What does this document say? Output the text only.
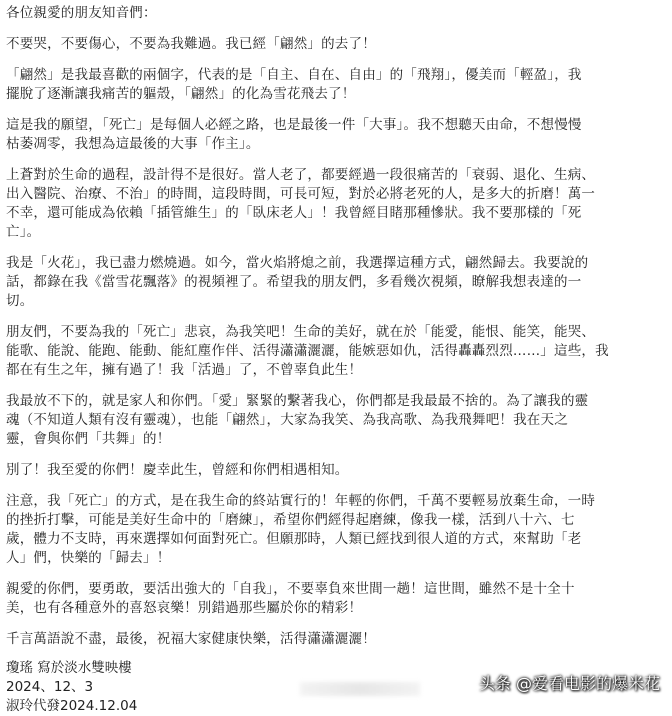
各位親愛的朋友知音們：
不要哭，不要傷心，不要為我難過。我已經「翩然」的去了！
「翩然」是我最喜歡的兩個字，代表的是「自主、自在、自由」的「飛翔」，優美而「輕盈」，我
擺脫了逐漸讓我痛苦的軀殼，「翩然」的化為雪花飛去了！
這是我的願望，「死亡」是每個人必經之路，也是最後一件「大事」。我不想聽天由命，不想慢慢
枯萎凋零，我想為這最後的大事「作主」。
上蒼對於生命的過程，設計得不是很好。當人老了，都要經過一段很痛苦的「衰弱、退化、生病、
出入醫院、治療、不治」的時間，這段時間，可長可短，對於必將老死的人，是多大的折磨！萬一
不幸，還可能成為依賴「插管維生」的「臥床老人」！我曾經目睹那種慘狀。我不要那樣的「死
亡」。
我是「火花」，我已盡力燃燒過。如今，當火焰將熄之前，我選擇這種方式，翩然歸去。我要說的
話，都錄在我《當雪花飄落》的視頻裡了。希望我的朋友們，多看幾次視頻，瞭解我想表達的一
切。
朋友們，不要為我的「死亡」悲哀，為我笑吧！生命的美好，就在於「能愛，能恨、能笑，能哭、
能歌、能說、能跑、能動、能紅塵作伴、活得瀟瀟灑灑，能嫉惡如仇，活得轟轟烈烈……」這些，我
都在有生之年，擁有過了！我「活過」了，不曾辜負此生！
我最放不下的，就是家人和你們。「愛」緊緊的繫著我心，你們都是我最最不捨的。為了讓我的靈
魂（不知道人類有沒有靈魂），也能「翩然」，大家為我笑、為我高歌、為我飛舞吧！我在天之
靈，會與你們「共舞」的！
別了！我至愛的你們！慶幸此生，曾經和你們相遇相知。
注意，我「死亡」的方式，是在我生命的終站實行的！年輕的你們，千萬不要輕易放棄生命，一時
的挫折打擊，可能是美好生命中的「磨練」，希望你們經得起磨練，像我一樣，活到八十六、七
歲，體力不支時，再來選擇如何面對死亡。但願那時，人類已經找到很人道的方式，來幫助「老
人」們，快樂的「歸去」！
親愛的你們，要勇敢，要活出強大的「自我」，不要辜負來世間一趟！這世間，雖然不是十全十
美，也有各種意外的喜怒哀樂！別錯過那些屬於你的精彩！
千言萬語說不盡，最後，祝福大家健康快樂，活得瀟瀟灑灑！
瓊瑤 寫於淡水雙映樓
2024、12、3
淑玲代發2024.12.04
头条 @爱看电影的爆米花
